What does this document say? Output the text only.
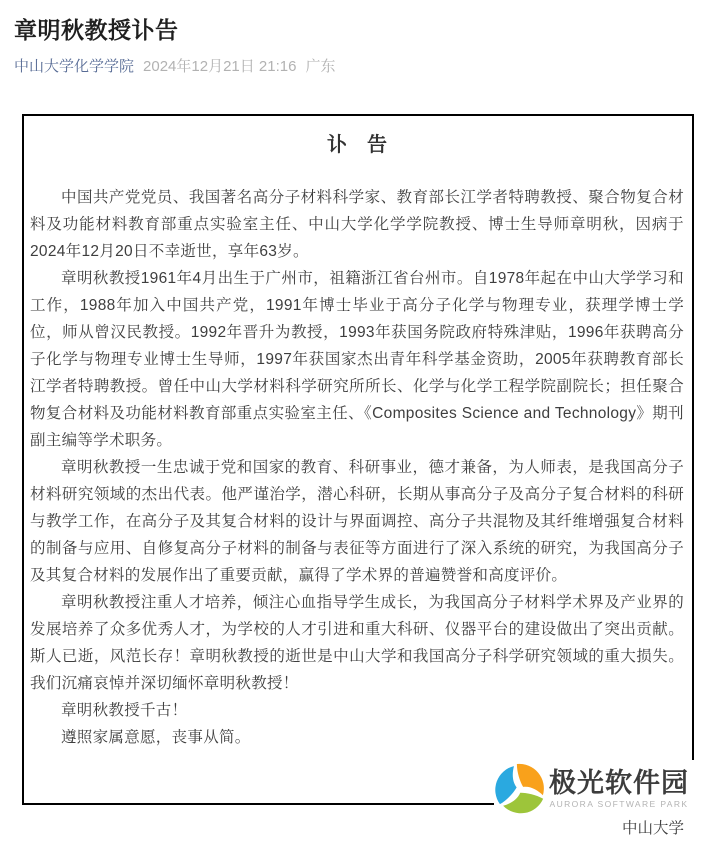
章明秋教授讣告
中山大学化学学院 2024年12月21日 21:16 广东
讣　告

中国共产党党员、我国著名高分子材料科学家、教育部长江学者特聘教授、聚合物复合材料及功能材料教育部重点实验室主任、中山大学化学学院教授、博士生导师章明秋，因病于2024年12月20日不幸逝世，享年63岁。

章明秋教授1961年4月出生于广州市，祖籍浙江省台州市。自1978年起在中山大学学习和工作，1988年加入中国共产党，1991年博士毕业于高分子化学与物理专业，获理学博士学位，师从曾汉民教授。1992年晋升为教授，1993年获国务院政府特殊津贴，1996年获聘高分子化学与物理专业博士生导师，1997年获国家杰出青年科学基金资助，2005年获聘教育部长江学者特聘教授。曾任中山大学材料科学研究所所长、化学与化学工程学院副院长；担任聚合物复合材料及功能材料教育部重点实验室主任、《Composites Science and Technology》期刊副主编等学术职务。

章明秋教授一生忠诚于党和国家的教育、科研事业，德才兼备，为人师表，是我国高分子材料研究领域的杰出代表。他严谨治学，潜心科研，长期从事高分子及高分子复合材料的科研与教学工作，在高分子及其复合材料的设计与界面调控、高分子共混物及其纤维增强复合材料的制备与应用、自修复高分子材料的制备与表征等方面进行了深入系统的研究，为我国高分子及其复合材料的发展作出了重要贡献，赢得了学术界的普遍赞誉和高度评价。

章明秋教授注重人才培养，倾注心血指导学生成长，为我国高分子材料学术界及产业界的发展培养了众多优秀人才，为学校的人才引进和重大科研、仪器平台的建设做出了突出贡献。斯人已逝，风范长存！章明秋教授的逝世是中山大学和我国高分子科学研究领域的重大损失。我们沉痛哀悼并深切缅怀章明秋教授！

章明秋教授千古！

遵照家属意愿，丧事从简。

中山大学
极光软件园
AURORA SOFTWARE PARK
